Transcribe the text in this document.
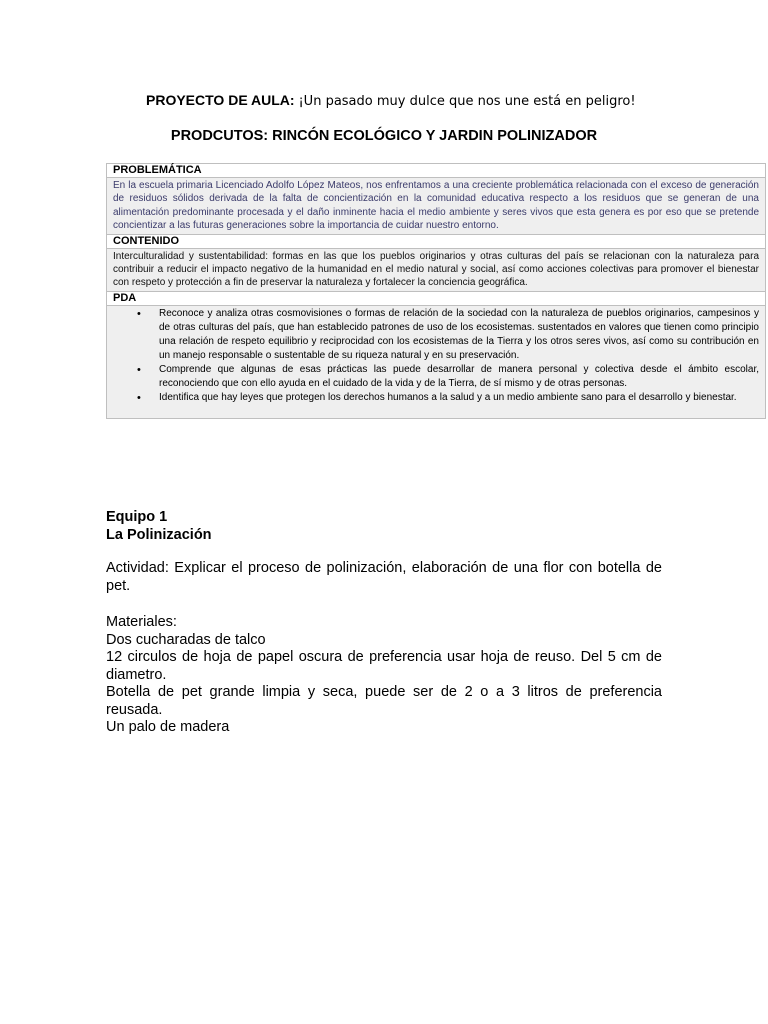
PROYECTO DE AULA: ¡Un pasado muy dulce que nos une está en peligro!
PRODCUTOS: RINCÓN ECOLÓGICO Y JARDIN POLINIZADOR
PROBLEMÁTICA
En la escuela primaria Licenciado Adolfo López Mateos, nos enfrentamos a una creciente problemática relacionada con el exceso de generación de residuos sólidos derivada de la falta de concientización en la comunidad educativa respecto a los residuos que se generan de una alimentación predominante procesada y el daño inminente hacia el medio ambiente y seres vivos que esta genera es por eso que se pretende concientizar a las futuras generaciones sobre la importancia de cuidar nuestro entorno.
CONTENIDO
Interculturalidad y sustentabilidad: formas en las que los pueblos originarios y otras culturas del país se relacionan con la naturaleza para contribuir a reducir el impacto negativo de la humanidad en el medio natural y social, así como acciones colectivas para promover el bienestar con respeto y protección a fin de preservar la naturaleza y fortalecer la conciencia geográfica.
PDA
• Reconoce y analiza otras cosmovisiones o formas de relación de la sociedad con la naturaleza de pueblos originarios, campesinos y de otras culturas del país, que han establecido patrones de uso de los ecosistemas. sustentados en valores que tienen como principio una relación de respeto equilibrio y reciprocidad con los ecosistemas de la Tierra y los otros seres vivos, así como su contribución en un manejo responsable o sustentable de su riqueza natural y en su preservación.
• Comprende que algunas de esas prácticas las puede desarrollar de manera personal y colectiva desde el ámbito escolar, reconociendo que con ello ayuda en el cuidado de la vida y de la Tierra, de sí mismo y de otras personas.
• Identifica que hay leyes que protegen los derechos humanos a la salud y a un medio ambiente sano para el desarrollo y bienestar.
Equipo 1
La Polinización
Actividad: Explicar el proceso de polinización, elaboración de una flor con botella de pet.
Materiales:
Dos cucharadas de talco
12 circulos de hoja de papel oscura de preferencia usar hoja de reuso. Del 5 cm de diametro.
Botella de pet grande limpia y seca, puede ser de 2 o a 3 litros de preferencia reusada.
Un palo de madera
